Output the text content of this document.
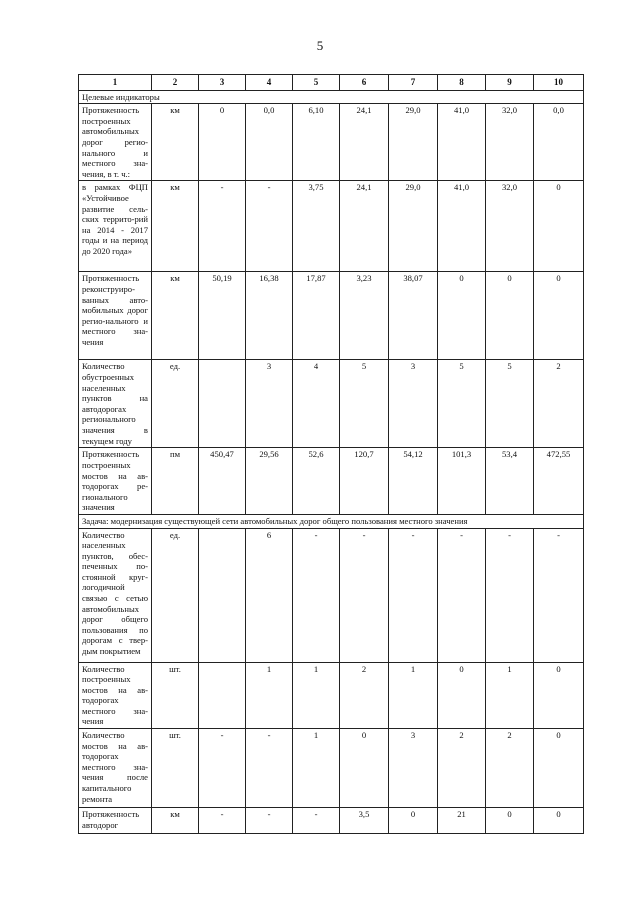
5
1	2	3	4	5	6	7	8	9	10
Целевые индикаторы									
Протяженность построенных автомобильных дорог регио-нального и местного зна-чения, в т. ч.:	км	0	0,0	6,10	24,1	29,0	41,0	32,0	0,0
в рамках ФЦП «Устойчивое развитие сель-ских террито-рий на 2014 - 2017 годы и на период до 2020 года»	км	-	-	3,75	24,1	29,0	41,0	32,0	0
Протяженность реконструиро-ванных авто-мобильных дорог регио-нального и местного зна-чения	км	50,19	16,38	17,87	3,23	38,07	0	0	0
Количество обустроенных населенных пунктов на автодорогах регионального значения в текущем году	ед.		3	4	5	3	5	5	2
Протяженность построенных мостов на ав-тодорогах ре-гионального значения	пм	450,47	29,56	52,6	120,7	54,12	101,3	53,4	472,55
Задача: модернизация существующей сети автомобильных дорог общего пользования местного значения									
Количество населенных пунктов, обес-печенных по-стоянной круг-логодичной связью с сетью автомобильных дорог общего пользования по дорогам с твер-дым покрытием	ед.		6	-	-	-	-	-	-
Количество построенных мостов на ав-тодорогах местного зна-чения	шт.		1	1	2	1	0	1	0
Количество мостов на ав-тодорогах местного зна-чения после капитального ремонта	шт.	-	-	1	0	3	2	2	0
Протяженность автодорог	км	-	-	-	3,5	0	21	0	0
